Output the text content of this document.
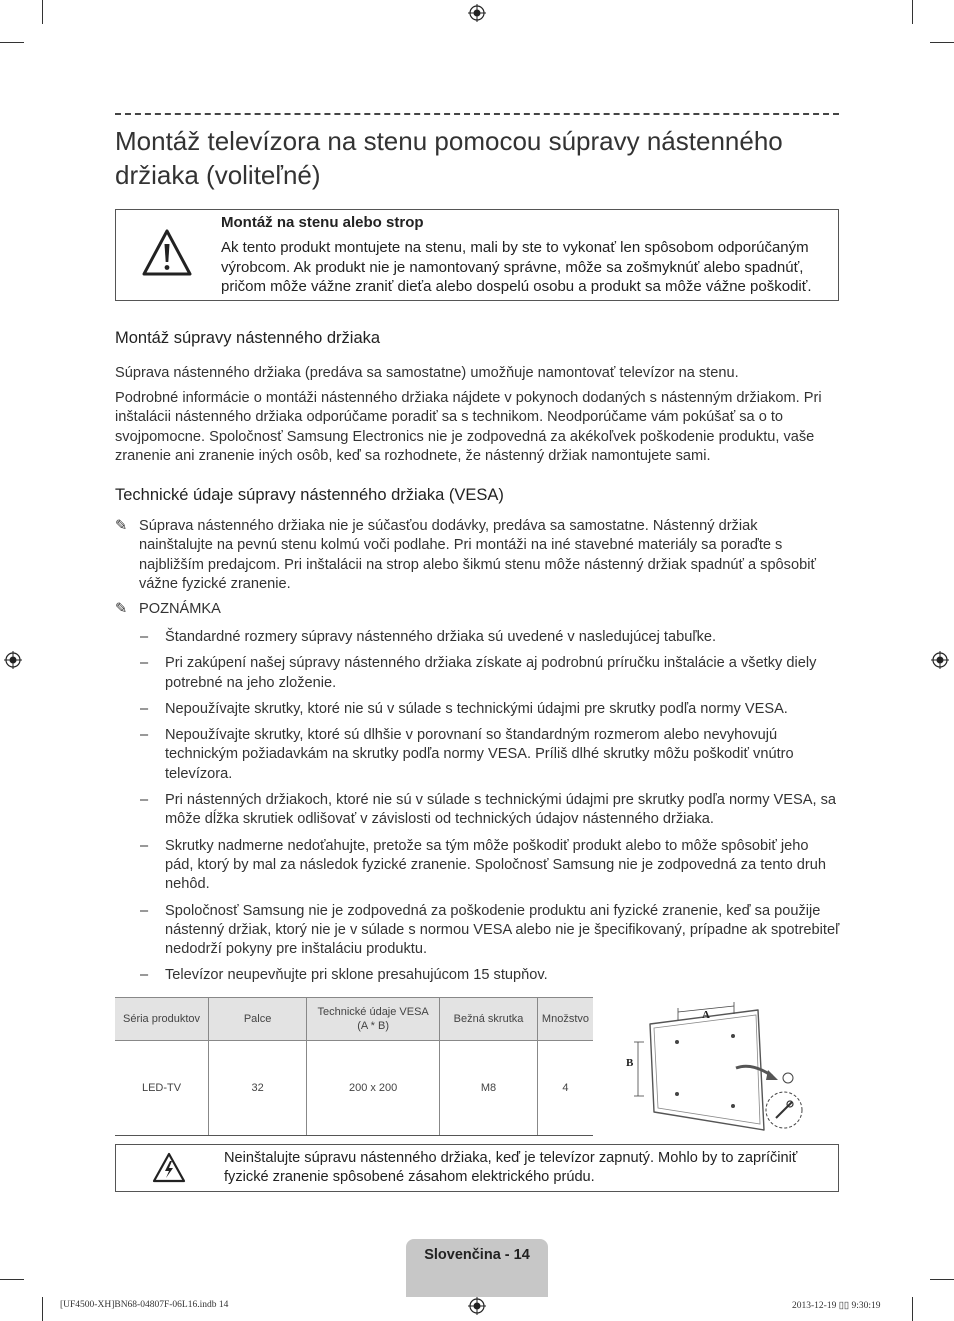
Montáž televízora na stenu pomocou súpravy nástenného držiaka (voliteľné)
Montáž na stenu alebo strop
Ak tento produkt montujete na stenu, mali by ste to vykonať len spôsobom odporúčaným výrobcom. Ak produkt nie je namontovaný správne, môže sa zošmyknúť alebo spadnúť, pričom môže vážne zraniť dieťa alebo dospelú osobu a produkt sa môže vážne poškodiť.
Montáž súpravy nástenného držiaka

Súprava nástenného držiaka (predáva sa samostatne) umožňuje namontovať televízor na stenu.

Podrobné informácie o montáži nástenného držiaka nájdete v pokynoch dodaných s nástenným držiakom. Pri inštalácii nástenného držiaka odporúčame poradiť sa s technikom. Neodporúčame vám pokúšať sa o to svojpomocne. Spoločnosť Samsung Electronics nie je zodpovedná za akékoľvek poškodenie produktu, vaše zranenie ani zranenie iných osôb, keď sa rozhodnete, že nástenný držiak namontujete sami.

Technické údaje súpravy nástenného držiaka (VESA)
✎ Súprava nástenného držiaka nie je súčasťou dodávky, predáva sa samostatne. Nástenný držiak nainštalujte na pevnú stenu kolmú voči podlahe. Pri montáži na iné stavebné materiály sa poraďte s najbližším predajcom. Pri inštalácii na strop alebo šikmú stenu môže nástenný držiak spadnúť a spôsobiť vážne fyzické zranenie.
✎ POZNÁMKA
– Štandardné rozmery súpravy nástenného držiaka sú uvedené v nasledujúcej tabuľke.
– Pri zakúpení našej súpravy nástenného držiaka získate aj podrobnú príručku inštalácie a všetky diely potrebné na jeho zloženie.
– Nepoužívajte skrutky, ktoré nie sú v súlade s technickými údajmi pre skrutky podľa normy VESA.
– Nepoužívajte skrutky, ktoré sú dlhšie v porovnaní so štandardným rozmerom alebo nevyhovujú technickým požiadavkám na skrutky podľa normy VESA. Príliš dlhé skrutky môžu poškodiť vnútro televízora.
– Pri nástenných držiakoch, ktoré nie sú v súlade s technickými údajmi pre skrutky podľa normy VESA, sa môže dĺžka skrutiek odlišovať v závislosti od technických údajov nástenného držiaka.
– Skrutky nadmerne nedoťahujte, pretože sa tým môže poškodiť produkt alebo to môže spôsobiť jeho pád, ktorý by mal za následok fyzické zranenie. Spoločnosť Samsung nie je zodpovedná za tento druh nehôd.
– Spoločnosť Samsung nie je zodpovedná za poškodenie produktu ani fyzické zranenie, keď sa použije nástenný držiak, ktorý nie je v súlade s normou VESA alebo nie je špecifikovaný, prípadne ak spotrebiteľ nedodrží pokyny pre inštaláciu produktu.
– Televízor neupevňujte pri sklone presahujúcom 15 stupňov.
Séria produktov	Palce	Technické údaje VESA (A * B)	Bežná skrutka	Množstvo
LED-TV	32	200 x 200	M8	4
A
B
Neinštalujte súpravu nástenného držiaka, keď je televízor zapnutý. Mohlo by to zapríčiniť fyzické zranenie spôsobené zásahom elektrického prúdu.
Slovenčina - 14
[UF4500-XH]BN68-04807F-06L16.indb 14	2013-12-19 ▯▯ 9:30:19
